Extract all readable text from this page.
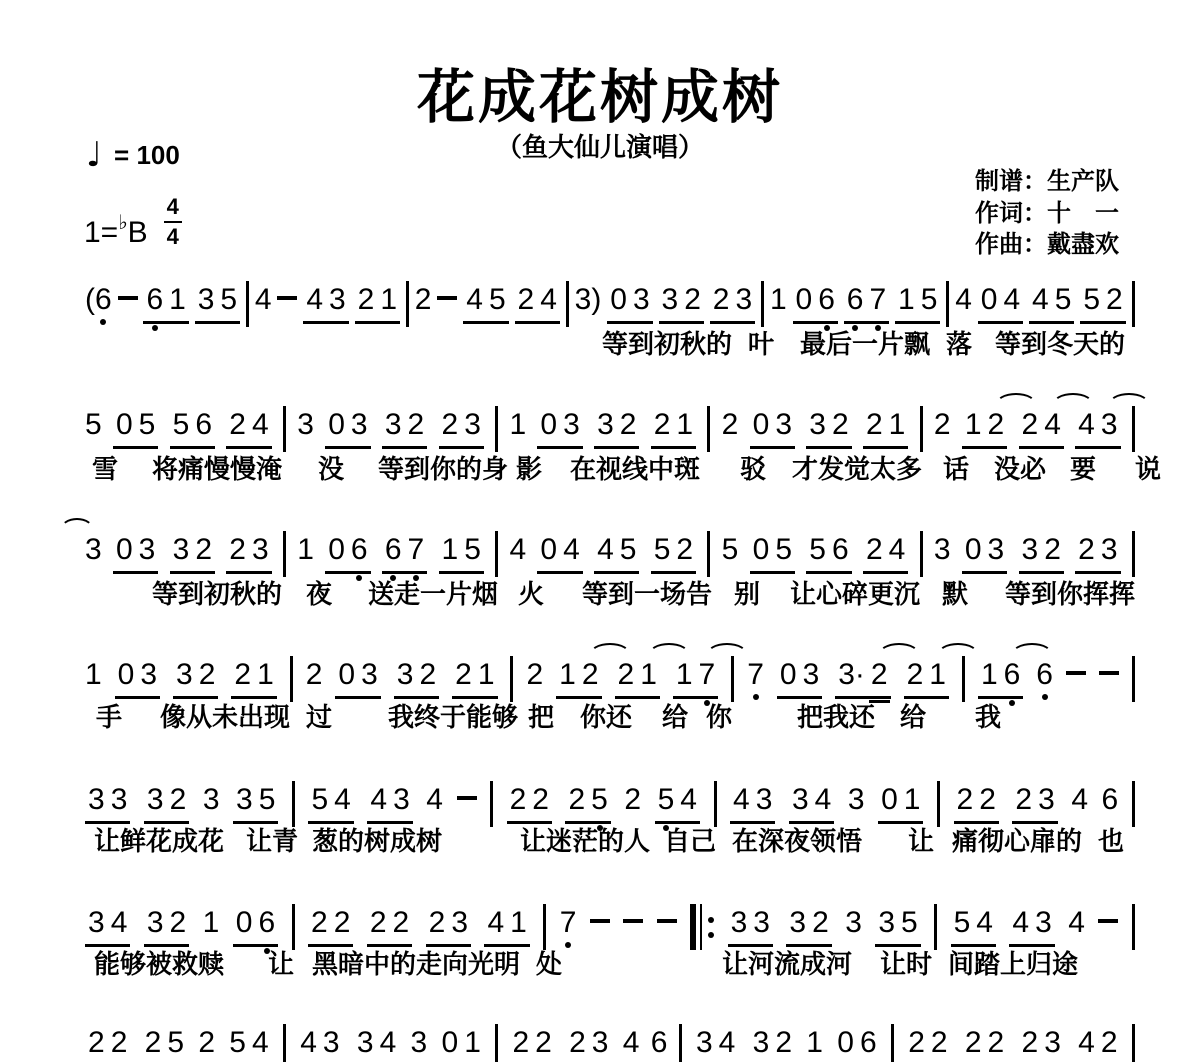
花成花树成树
（鱼大仙儿演唱）
♩ = 100
1= ♭ B $\frac{4}{4}$
制谱：生产队
作词：十　一
作曲：戴盡欢
( 6 6 1 3 5 4 4 3 2 1 2 4 5 2 4 3 ) 0 3 3 2 2 3 1 0 6 6 7 1 5 4 0 4 4 5 5 2
等到初秋的 叶 最后一片飘 落 等到冬天的
5 0 5 5 6 2 4 3 0 3 3 2 2 3 1 0 3 3 2 2 1 2 0 3 3 2 2 1 2 1 2 2 4 4 3
雪 将痛慢慢淹 没 等到你的身 影 在视线中斑 驳 才发觉太多 话 没必 要 说
3 0 3 3 2 2 3 1 0 6 6 7 1 5 4 0 4 4 5 5 2 5 0 5 5 6 2 4 3 0 3 3 2 2 3
等到初秋的 夜 送走一片烟 火 等到一场告 别 让心碎更沉 默 等到你挥挥
1 0 3 3 2 2 1 2 0 3 3 2 2 1 2 1 2 2 1 1 7 7 0 3 3· 2 2 1 1 6 6
手 像从未出现 过 我终于能够 把 你还 给 你 把我还 给 我
3 3 3 2 3 3 5 5 4 4 3 4 2 2 2 5 2 5 4 4 3 3 4 3 0 1 2 2 2 3 4 6
让鲜花成花 让青 葱的树成树	让迷茫的人 自己 在深夜领悟 让 痛彻心扉的 也
3 4 3 2 1 0 6 2 2 2 2 2 3 4 1 7	3 3 3 2 3 3 5 5 4 4 3 4
能够被救赎 让 黑暗中的走向光明 处	让河流成河 让时 间踏上归途
2 2 2 5 2 5 4 4 3 3 4 3 0 1 2 2 2 3 4 6 3 4 3 2 1 0 6 2 2 2 2 2 3 4 2
